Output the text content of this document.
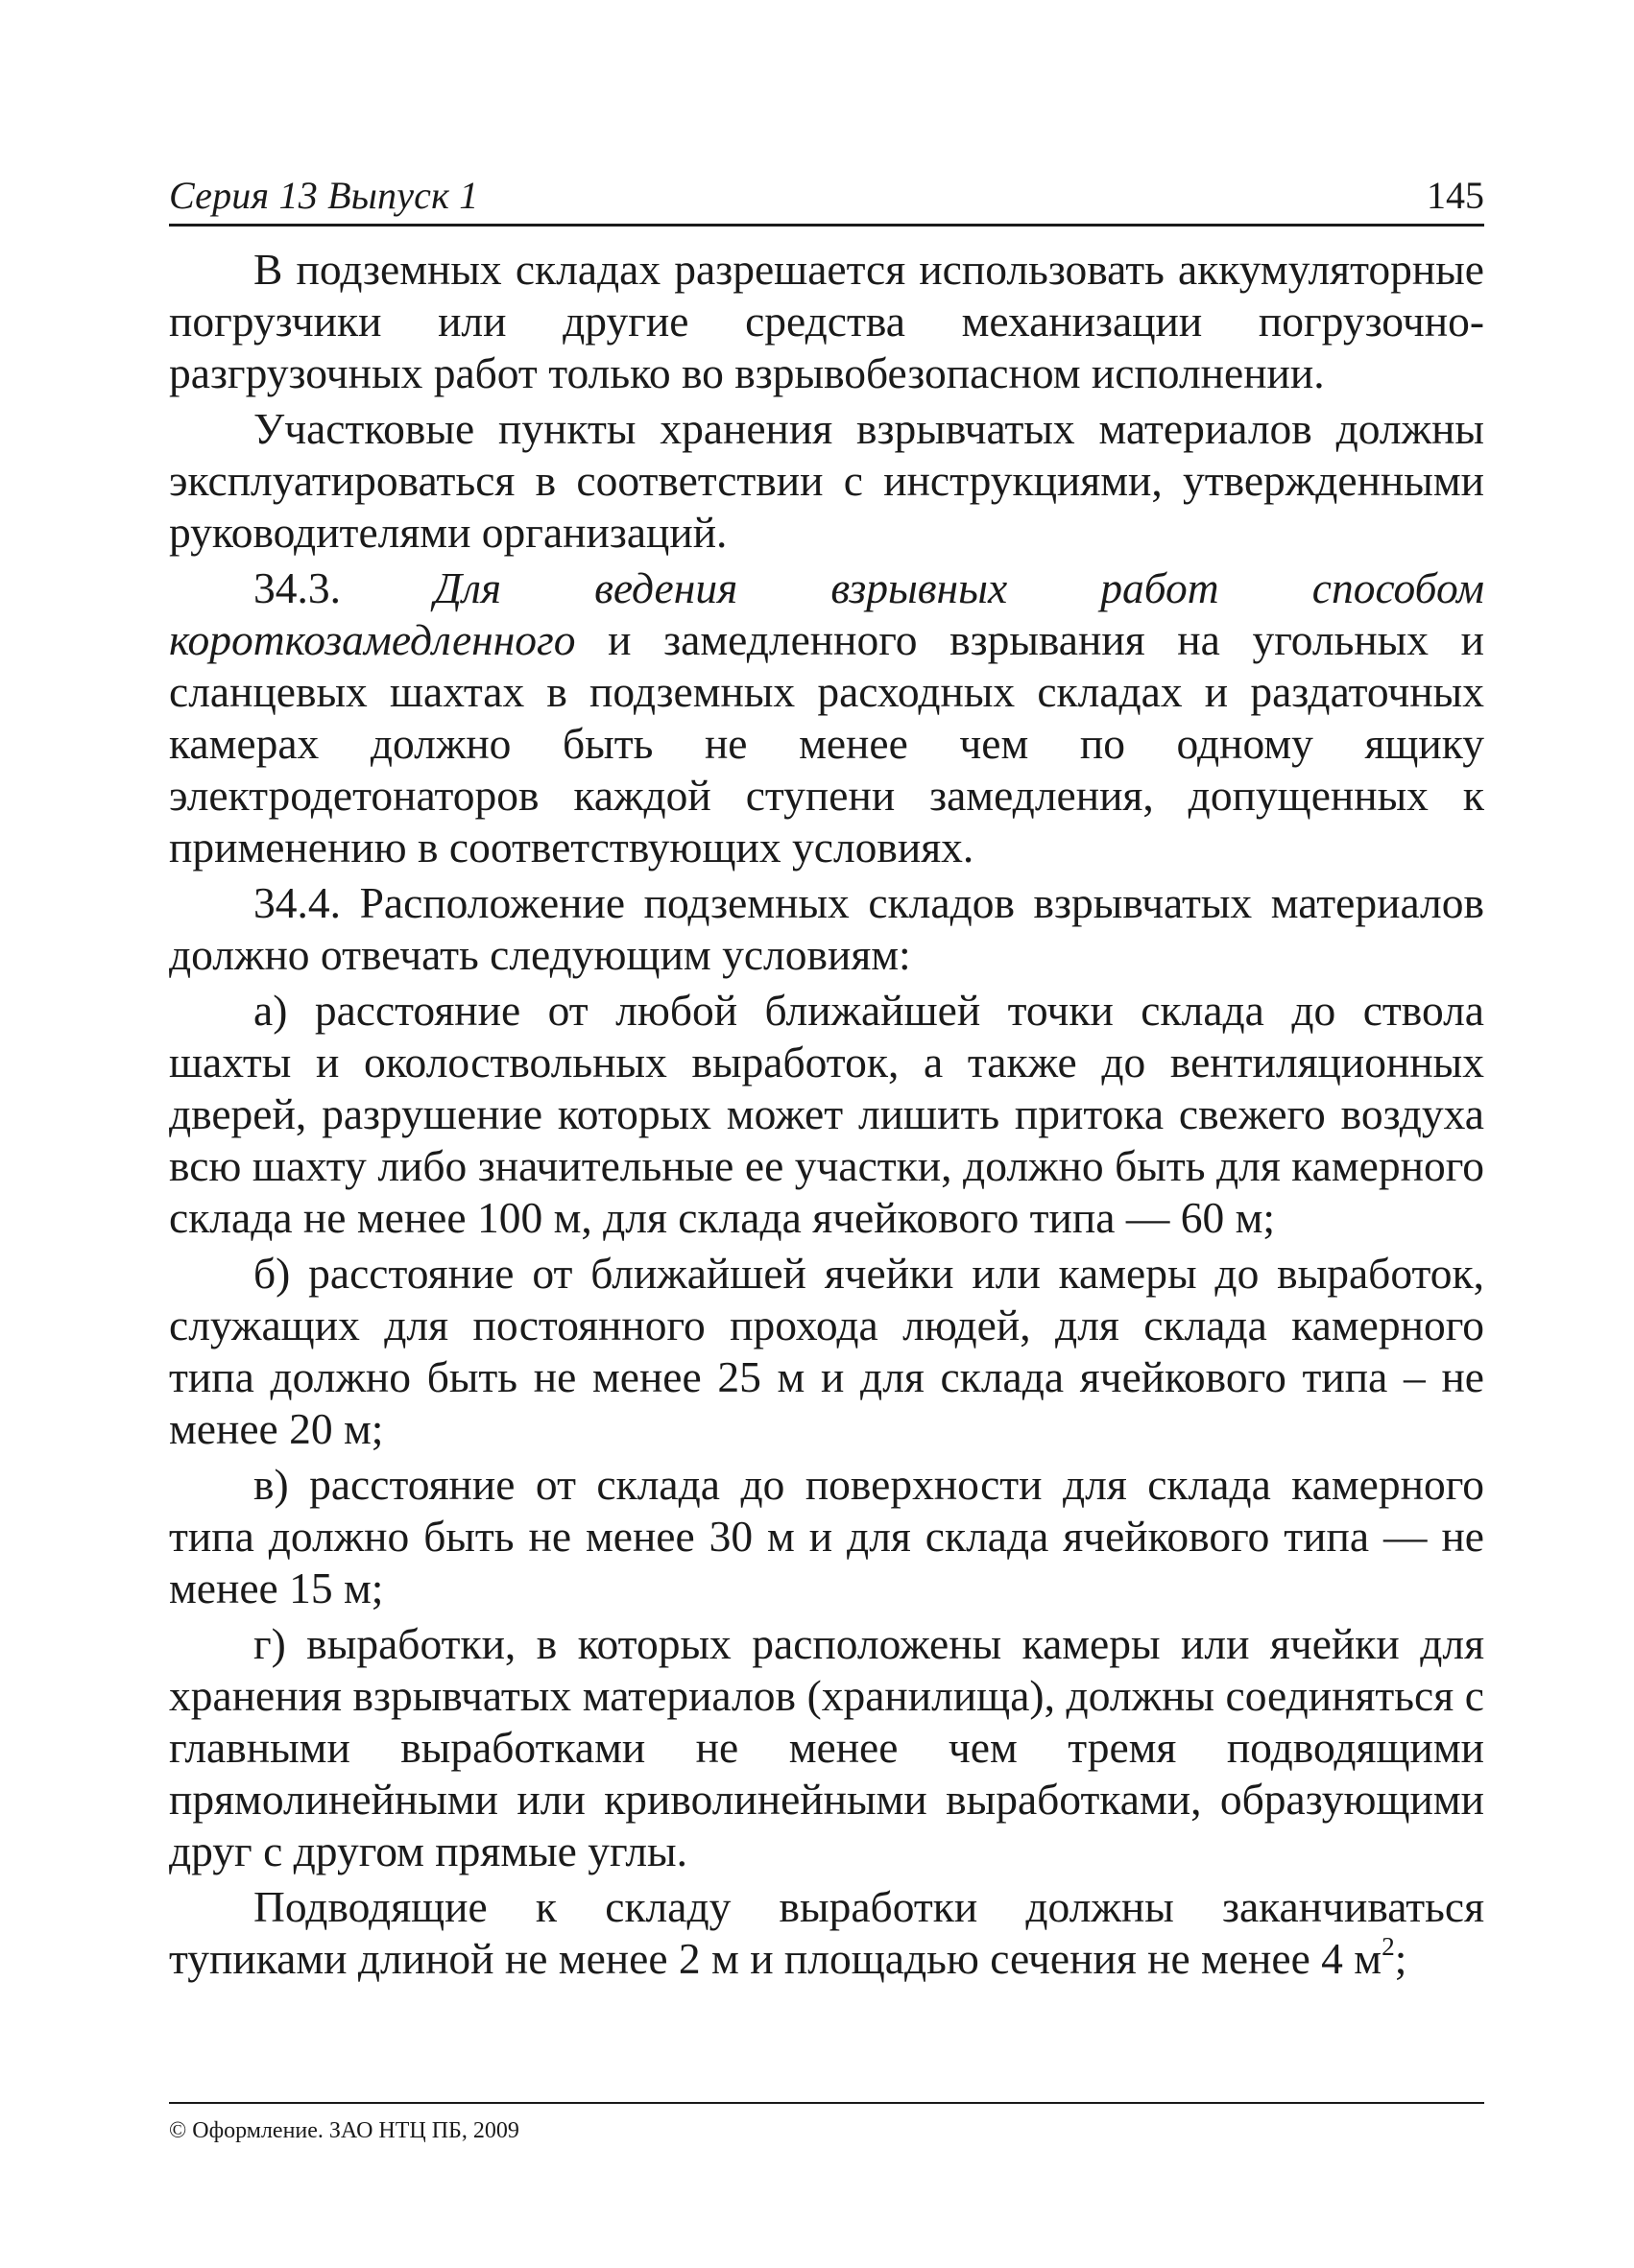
Серия 13 Выпуск 1	145

В подземных складах разрешается использовать аккумуляторные погрузчики или другие средства механизации погрузочно-разгрузочных работ только во взрывобезопасном исполнении.

Участковые пункты хранения взрывчатых материалов должны эксплуатироваться в соответствии с инструкциями, утвержденными руководителями организаций.

34.3. Для ведения взрывных работ способом короткозамедленного и замедленного взрывания на угольных и сланцевых шахтах в подземных расходных складах и раздаточных камерах должно быть не менее чем по одному ящику электродетонаторов каждой ступени замедления, допущенных к применению в соответствующих условиях.

34.4. Расположение подземных складов взрывчатых материалов должно отвечать следующим условиям:

а) расстояние от любой ближайшей точки склада до ствола шахты и околоствольных выработок, а также до вентиляционных дверей, разрушение которых может лишить притока свежего воздуха всю шахту либо значительные ее участки, должно быть для камерного склада не менее 100 м, для склада ячейкового типа — 60 м;

б) расстояние от ближайшей ячейки или камеры до выработок, служащих для постоянного прохода людей, для склада камерного типа должно быть не менее 25 м и для склада ячейкового типа – не менее 20 м;

в) расстояние от склада до поверхности для склада камерного типа должно быть не менее 30 м и для склада ячейкового типа — не менее 15 м;

г) выработки, в которых расположены камеры или ячейки для хранения взрывчатых материалов (хранилища), должны соединяться с главными выработками не менее чем тремя подводящими прямолинейными или криволинейными выработками, образующими друг с другом прямые углы.

Подводящие к складу выработки должны заканчиваться тупиками длиной не менее 2 м и площадью сечения не менее 4 $м^2$;

© Оформление. ЗАО НТЦ ПБ, 2009
